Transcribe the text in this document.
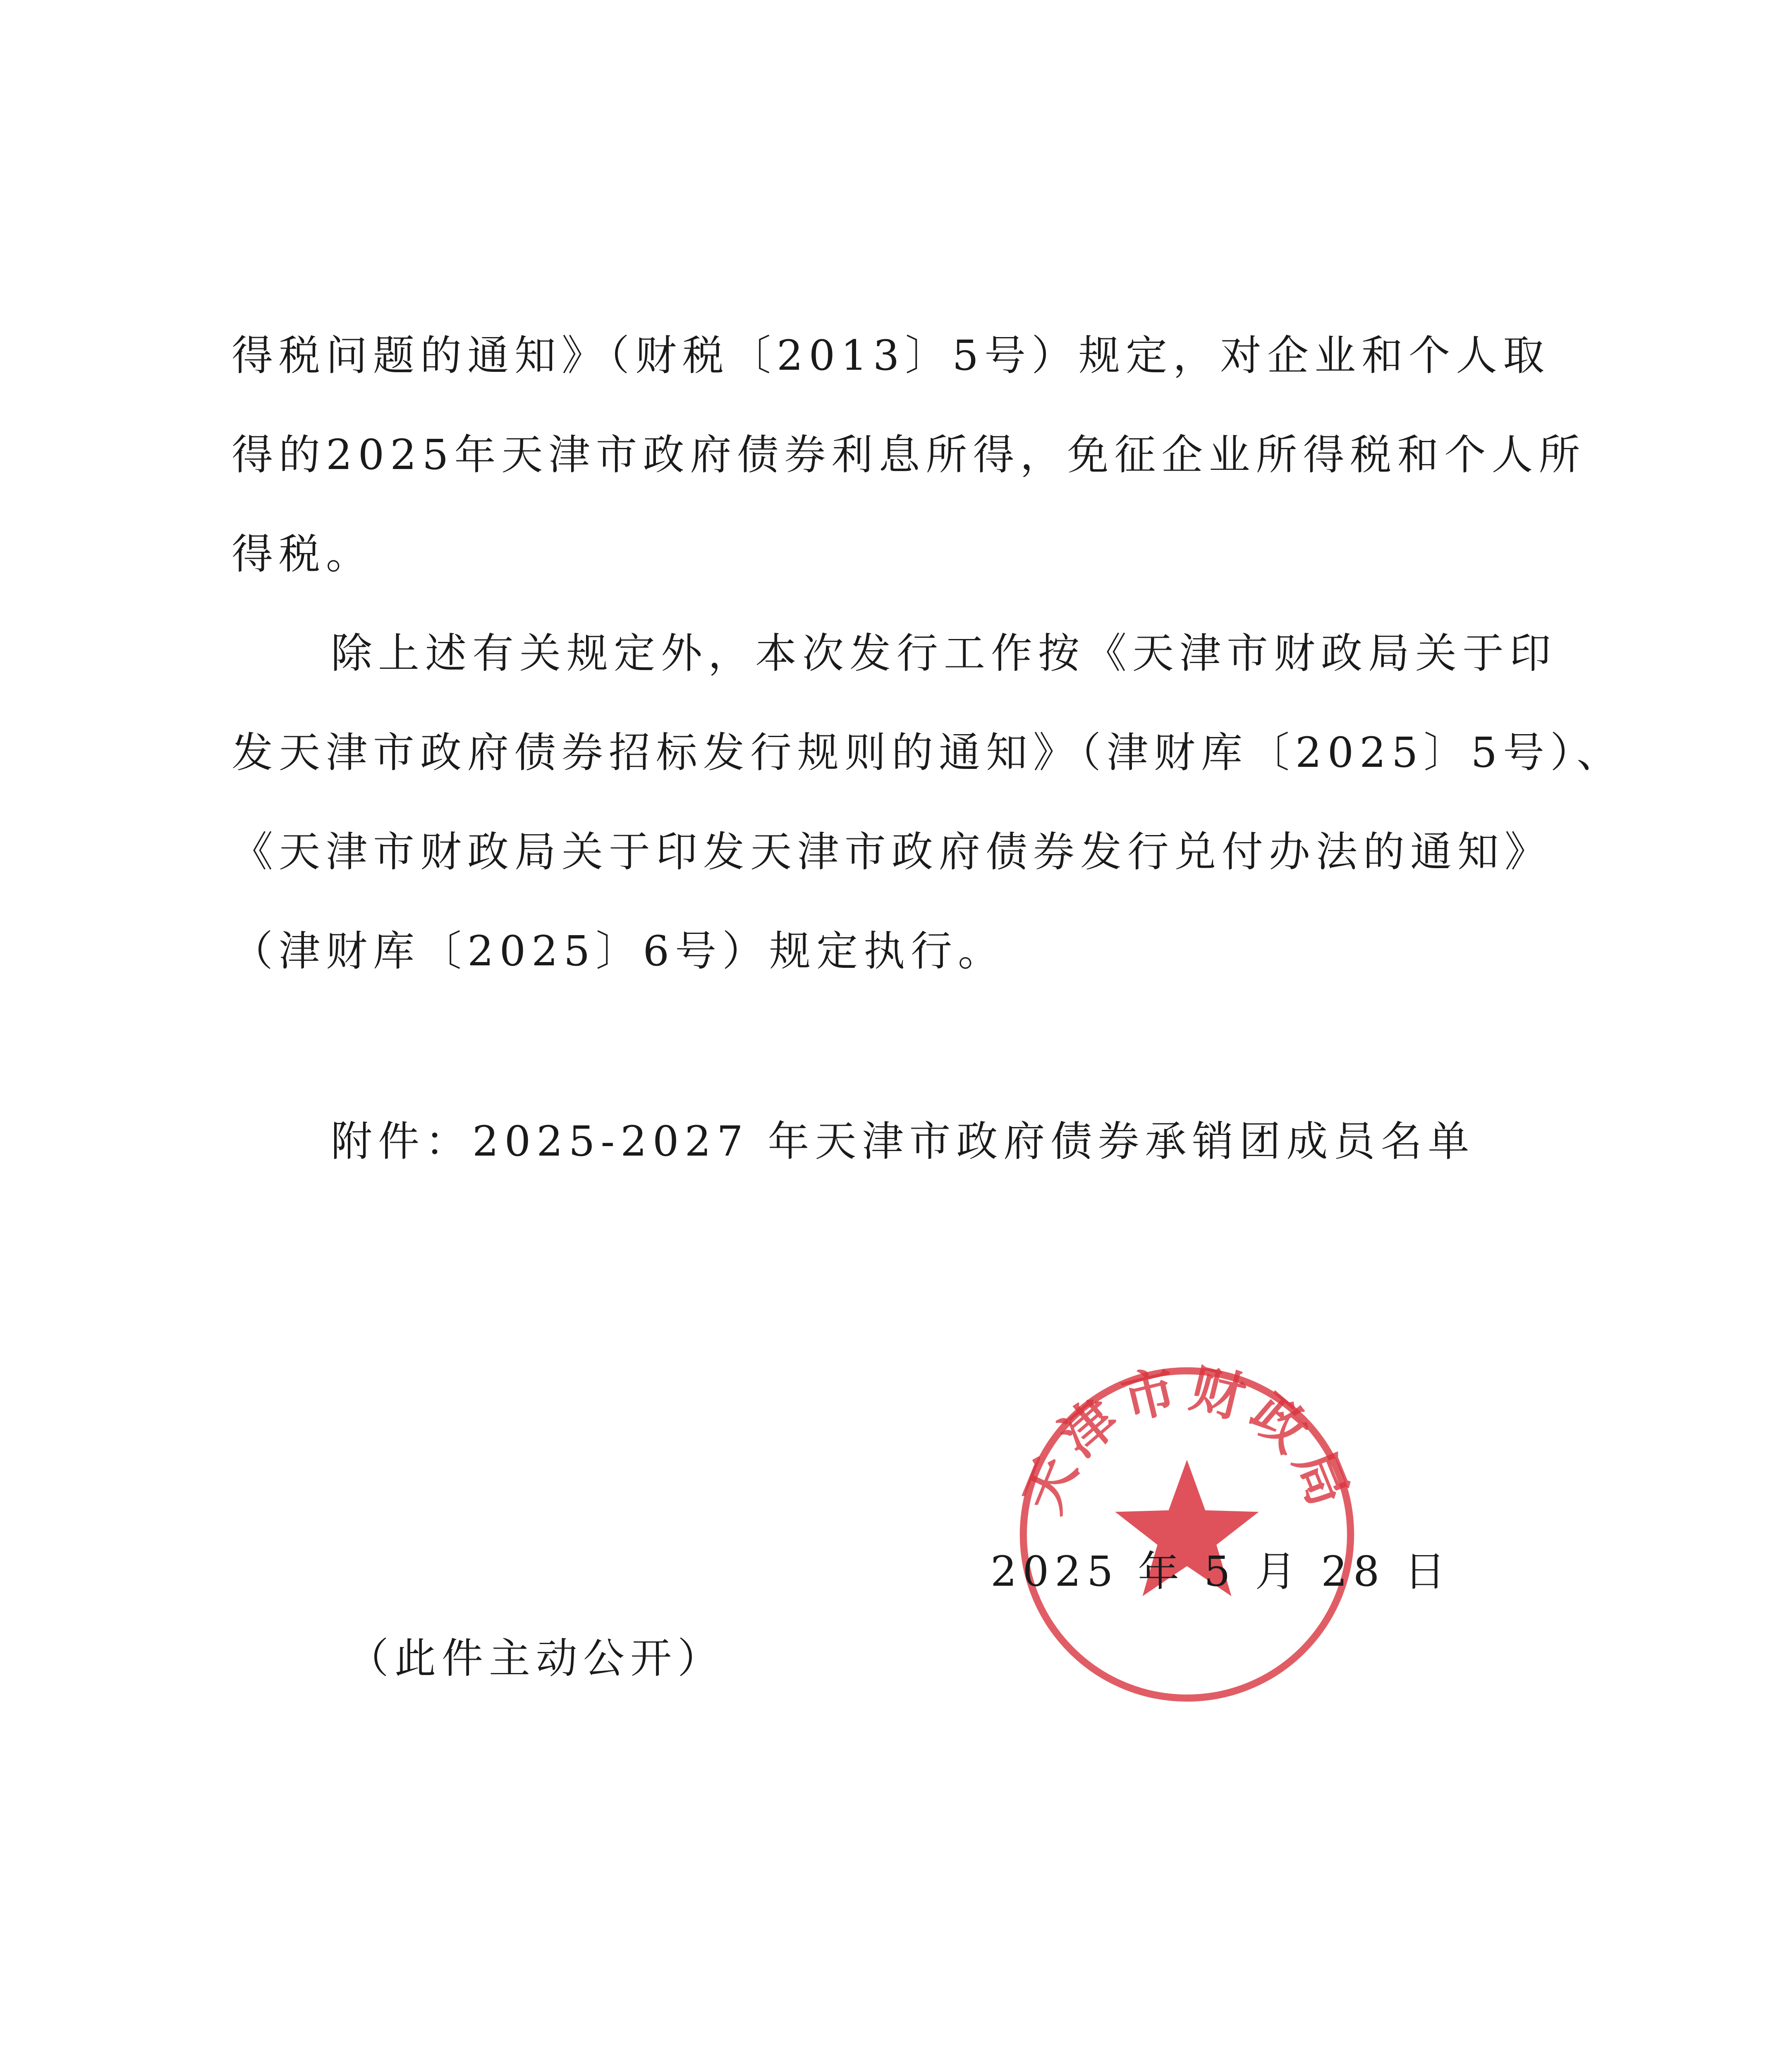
得税问题的通知》（财税〔2013〕5号）规定，对企业和个人取
得的2025年天津市政府债券利息所得，免征企业所得税和个人所
得税。
除上述有关规定外，本次发行工作按《天津市财政局关于印
发天津市政府债券招标发行规则的通知》（津财库〔2025〕5号）、
《天津市财政局关于印发天津市政府债券发行兑付办法的通知》
（津财库〔2025〕6号）规定执行。
附件：2025-2027 年天津市政府债券承销团成员名单
天津市财政局
2025 年 5 月 28 日
（此件主动公开）
